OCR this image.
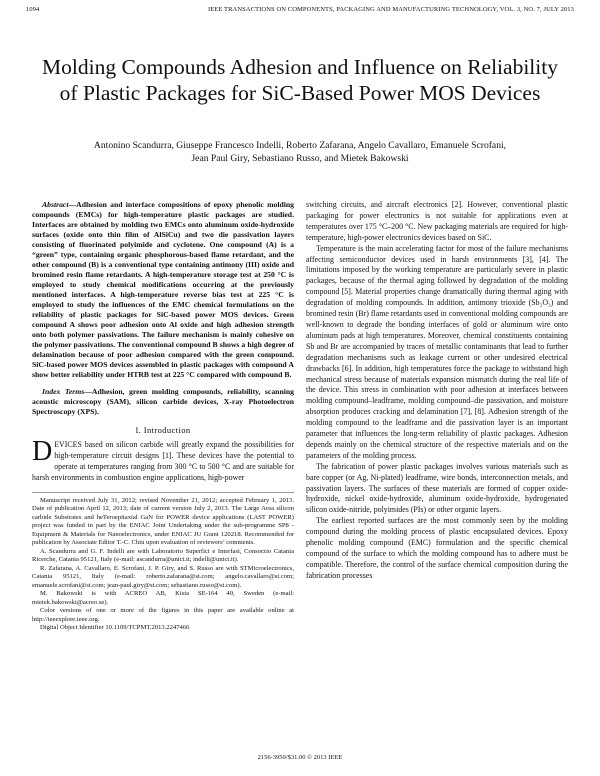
1094	IEEE TRANSACTIONS ON COMPONENTS, PACKAGING AND MANUFACTURING TECHNOLOGY, VOL. 3, NO. 7, JULY 2013
Molding Compounds Adhesion and Influence on Reliability of Plastic Packages for SiC-Based Power MOS Devices
Antonino Scandurra, Giuseppe Francesco Indelli, Roberto Zafarana, Angelo Cavallaro, Emanuele Scrofani,
Jean Paul Giry, Sebastiano Russo, and Mietek Bakowski

Abstract—Adhesion and interface compositions of epoxy phenolic molding compounds (EMCs) for high-temperature plastic packages are studied. Interfaces are obtained by molding two EMCs onto aluminum oxide-hydroxide surfaces (oxide onto thin film of AlSiCu) and two die passivation layers consisting of fluorinated polyimide and cyclotene. One compound (A) is a “green” type, containing organic phosphorous-based flame retardant, and the other compound (B) is a conventional type containing antimony (III) oxide and bromined resin flame retardants. A high-temperature storage test at 250 °C is employed to study chemical modifications occurring at the previously mentioned interfaces. A high-temperature reverse bias test at 225 °C is employed to study the influences of the EMC chemical formulations on the reliability of plastic packages for SiC-based power MOS devices. Green compound A shows poor adhesion onto Al oxide and high adhesion strength onto both polymer passivations. The failure mechanism is mainly cohesive on the polymer passivations. The conventional compound B shows a high degree of delamination because of poor adhesion compared with the green compound. SiC-based power MOS devices assembled in plastic packages with compound A show better reliability under HTRB test at 225 °C compared with compound B.

Index Terms—Adhesion, green molding compounds, reliability, scanning acoustic microscopy (SAM), silicon carbide devices, X-ray Photoelectron Spectroscopy (XPS).

I. Introduction

DEVICES based on silicon carbide will greatly expand the possibilities for high-temperature circuit designs [1]. These devices have the potential to operate at temperatures ranging from 300 °C to 500 °C and are suitable for harsh environments in combustion engine applications, high-power

Manuscript received July 31, 2012; revised November 21, 2012; accepted February 1, 2013. Date of publication April 12, 2013; date of current version July 2, 2013. The Large Area silicon carbide Substrates and heTeroepitaxial GaN for POWER device applications (LAST POWER) project was funded in part by the ENIAC Joint Undertaking under the sub-programme SP8 - Equipment & Materials for Nanoelectronics, under ENIAC JU Grant 120218. Recommended for publication by Associate Editor T.-C. Chiu upon evaluation of reviewers’ comments.

A. Scandurra and G. F. Indelli are with Laboratorio Superfici e Interfasi, Consorzio Catania Ricerche, Catania 95121, Italy (e-mail: ascandurra@unict.it; indelli@unict.it).

R. Zafarana, A. Cavallaro, E. Scrofani, J. P. Giry, and S. Russo are with STMicroelectronics, Catania 95121, Italy (e-mail: roberto.zafarana@st.com; angelo.cavallaro@st.com; emanuele.scrofani@st.com; jean-paul.giry@st.com; sebastiano.russo@st.com).

M. Bakowski is with ACREO AB, Kista SE-164 40, Sweden (e-mail: mietek.bakowski@acreo.se).

Color versions of one or more of the figures in this paper are available online at http://ieeexplore.ieee.org.

Digital Object Identifier 10.1109/TCPMT.2013.2247466

switching circuits, and aircraft electronics [2]. However, conventional plastic packaging for power electronics is not suitable for applications even at temperatures over 175 °C–200 °C. New packaging materials are required for high-temperature, high-power electronics devices based on SiC.

Temperature is the main accelerating factor for most of the failure mechanisms affecting semiconductor devices used in harsh environments [3], [4]. The limitations imposed by the working temperature are particularly severe in plastic packages, because of the thermal aging followed by degradation of the molding compound [5]. Material properties change dramatically during thermal aging with degradation of molding compounds. In addition, antimony trioxide (Sb₂O₃) and bromined resin (Br) flame retardants used in conventional molding compounds are well-known to degrade the bonding interfaces of gold or aluminum wire onto aluminum pads at high temperatures. Moreover, chemical constituents containing Sb and Br are accompanied by traces of metallic contaminants that lead to further degradation mechanisms such as leakage current or other undesired electrical drawbacks [6]. In addition, high temperatures force the package to withstand high mechanical stress because of materials expansion mismatch during the real life of the device. This stress in combination with poor adhesion at interfaces between molding compound–leadframe, molding compound–die passivation, and moisture absorption produces cracking and delamination [7], [8]. Adhesion strength of the molding compound to the leadframe and die passivation layer is an important parameter that influences the long-term reliability of plastic packages. Adhesion depends mainly on the chemical structure of the respective materials and on the parameters of the molding process.

The fabrication of power plastic packages involves various materials such as bare copper (or Ag, Ni-plated) leadframe, wire bonds, interconnection metals, and passivation layers. The surfaces of these materials are formed of copper oxide-hydroxide, nickel oxide-hydroxide, aluminum oxide-hydroxide, hydrogenated silicon oxide-nitride, polyimides (PIs) or other organic layers.

The earliest reported surfaces are the most commonly seen by the molding compound during the molding process of plastic encapsulated devices. Epoxy phenolic molding compound (EMC) formulation and the specific chemical compound of the surface to which the molding compound has to adhere must be compatible. Therefore, the control of the surface chemical composition during the fabrication processes

2156-3950/$31.00 © 2013 IEEE
